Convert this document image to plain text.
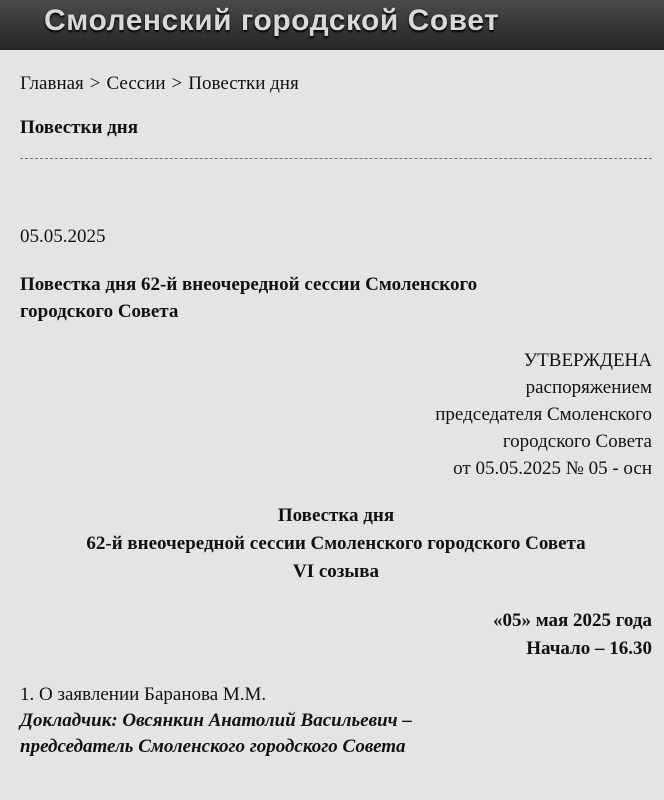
Смоленский городской Совет
Главная > Сессии > Повестки дня
Повестки дня
05.05.2025
Повестка дня 62-й внеочередной сессии Смоленского
городского Совета
УТВЕРЖДЕНА
распоряжением
председателя Смоленского
городского Совета
от 05.05.2025 № 05 - осн
Повестка дня
62-й внеочередной сессии Смоленского городского Совета
VI созыва
«05» мая 2025 года
Начало – 16.30
1. О заявлении Баранова М.М.
Докладчик: Овсянкин Анатолий Васильевич –
председатель Смоленского городского Совета
